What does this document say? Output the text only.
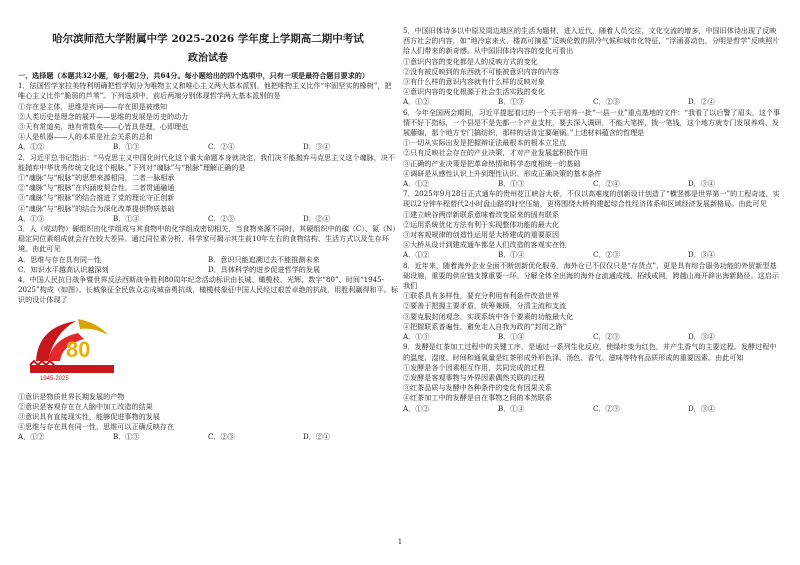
哈尔滨师范大学附属中学 2025-2026 学年度上学期高二期中考试
政治试卷

一、选择题（本题共32小题，每小题2分，共64分。每小题给出的四个选项中，只有一项是最符合题目要求的）

1．法国哲学家拉美特利明确把哲学划分为唯物主义和唯心主义两大基本派别，他把唯物主义比作“牢固坚实的橡树”，把唯心主义比作“脆弱的芦苇”。下列选项中，前后两端分别体现哲学两大基本派别的是

①存在是主体，思维是宾词——存在即是被感知

②人类历史是理念的展开——思维的发展是历史的动力

③天有常道矣，地有常数矣——心皆具是理，心即理也

④人是机器——人的本质是社会关系的总和

A．①②	B．①③	C．②④	D．③④

2．习近平总书记指出：“马克思主义中国化时代化这个重大命题本身就决定，我们决不能抛弃马克思主义这个魂脉，决不能抛弃中华优秀传统文化这个根脉。”下列对“魂脉”与“根脉”理解正确的是

①“魂脉”与“根脉”的思想来源相同，二者一脉相承

②“魂脉”与“根脉”在内涵度契合性，二者贯通融通

③“魂脉”与“根脉”的结合推进了党的理论守正创新

④“魂脉”与“根脉”的结合为深化改革提供物质基础

A．①③	B．①④	C．②③	D．②④

3．人（或动物）硬组织由化学组成与其食物中的化学组成密切相关，当食物来源不同时，其硬组织中的碳（C）、氮（N）稳定同位素组成就会存在较大差异。通过同位素分析，科学家可揭示其生前10年左右的食物结构、生活方式以及生存环境。由此可见

A．思维与存在具有同一性	B．意识只能追溯过去不能推测未来
C．知识水平越高认识越深刻	D．具体科学的进步促进哲学的发展

4．中国人民抗日战争暨世界反法西斯战争胜利80周年纪念活动标识由长城、橄榄枝、光辉、数字“80”、时间“1945-2025”构成（如图）。长城象征全民族众志成城奋勇抗战，橄榄枝象征中国人民经过艰苦卓绝的抗战，用胜利赢得和平。标识的设计体现了

80
1945-2025

①意识是物质世界长期发展的产物

②意识是客观存在在人脑中加工改造的结果

③意识具有直接现实性，能够促进事物的发展

④思维与存在具有同一性，思维可以正确反映存在

A．①②	B．①③	C．②③	D．②④

5．中国旧体诗多以中原及周边地区的生活为题材，进入近代，随着人员交往，文化交流的增多，中国旧体诗出现了反映西方社会的内容，如“地冷京来火，楼高可摘星”反映伦敦的阴冷气候和城市化特征，“浮涌喜动色，分明是哲学”反映照片给人们带来的新奇感。从中国旧体诗内容的变化可看出

①意识内容的变化都是人的反映方式的变化

②没有被反映到的东西就不可能被意识内容的内容

③有什么样的意识内容就有什么样的反映对象

④意识内容的变化根源于社会生活实践的变化

A．①②	B．①③	C．②③	D．②④

6．今年全国两会期间，习近平提起看过的一个关于培养一批“一县一业”重点基地的文件：“我看了以后警了眉头，这个事情不好下指标，一个县是不是先都一个产业支柱，要去深入调研，不能大笔挥，拨一笔钱，这个地方就专门发展养鸡、发展藤编，那个地方专门搞纺织，那样的话肯定要砸锅。”上述材料蕴含的哲理是

①一切从实际出发是把握辩证法最根本的根本立足点

②只有反映社会存在的产业决策，才对产业发展起积极作用

③正确的产业决策是把革命热情和科学态度相统一的基础

④调研是从感性认识上升到理性认识、形成正确决策的基本条件

A．①②	B．①③	C．②④	D．③④

7．2025年9月28日正式通车的贵州花江峡谷大桥，不仅以高难度的创新设计创造了“横竖都是世界第一”的工程奇迹，实现以2分钟车程替代2小时盘山路的时空压缩，更将围绕大桥构建起综合性经济体系和区域经济发展新格局。由此可见

①建立峡谷两岸新联系意味着改变原来的固有联系

②运用系统优化方法有利于实现整体功能的最大化

③对客观规律的创造性运用是大桥建成的重要原因

④大桥从设计到建成通车都是人们改造的客观实在性

A．①②	B．①④	C．②③	D．③④

8．近年来，随着海外企业全面不断创新优化服务，海外仓已不仅仅只是“存货点”，更是具有综合服务功能的外贸新型基础设施，重要的供应链支撑重要一环。分解全体全出海的海外仓流通成线、拓线成网，跨越山海开辟出海新路径。这启示我们

①联系具有多样性，要充分利用有利条件改造世界

②要善于把握主要矛盾，统筹兼顾，分清主流和支流

③要克服封闭观念，实现系统中各个要素的功能最大化

④把握联系普遍性，避免走入自我为政的“封闭之路”

A．①③	B．①④	C．②③	D．③④

9．发酵是红茶加工过程中的关键工序，是通过一系列生化反应，使绿叶变为红色，并产生香气的主要过程。发酵过程中的温度、湿度、时间和通氧量是红茶形成外形色泽、汤色、香气、滋味等特有品质形成的重要因素。由此可知

①发酵是各个因素相互作用，共同完成的过程

②发酵是客观事物与外界因素偶然关联的过程

③红茶品质与发酵中各种条件的变化有因果关系

④红茶加工中的发酵是自在事物之间的本然联系

A．①②	B．①④	C．②③	D．③④
1
